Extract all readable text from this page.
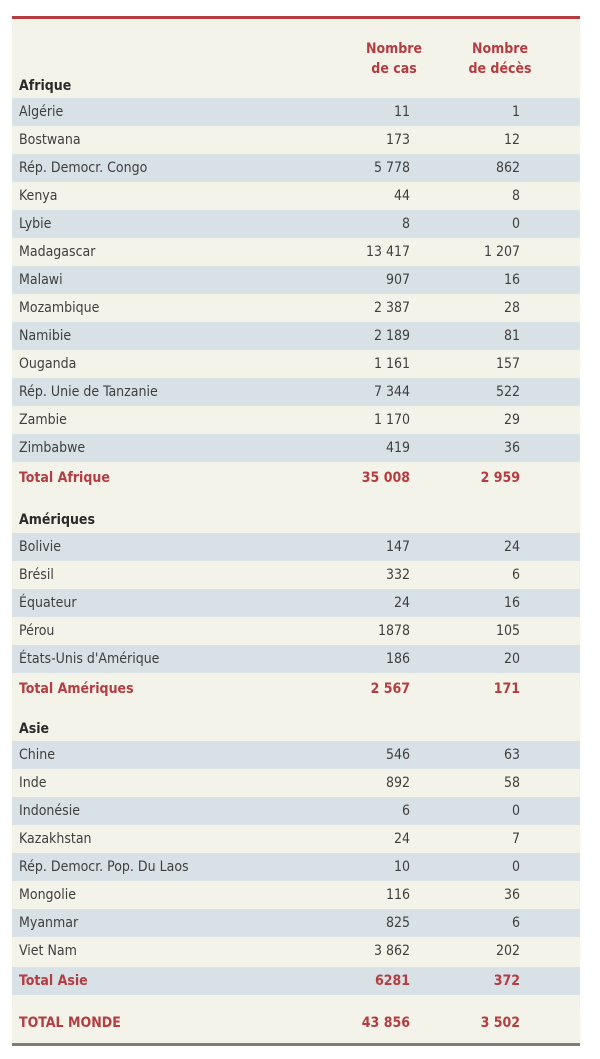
Nombre
de cas
Nombre
de décès
Afrique
Algérie	11	1
Bostwana	173	12
Rép. Democr. Congo	5 778	862
Kenya	44	8
Lybie	8	0
Madagascar	13 417	1 207
Malawi	907	16
Mozambique	2 387	28
Namibie	2 189	81
Ouganda	1 161	157
Rép. Unie de Tanzanie	7 344	522
Zambie	1 170	29
Zimbabwe	419	36
Total Afrique	35 008	2 959
Amériques
Bolivie	147	24
Brésil	332	6
Équateur	24	16
Pérou	1878	105
États-Unis d'Amérique	186	20
Total Amériques	2 567	171
Asie
Chine	546	63
Inde	892	58
Indonésie	6	0
Kazakhstan	24	7
Rép. Democr. Pop. Du Laos	10	0
Mongolie	116	36
Myanmar	825	6
Viet Nam	3 862	202
Total Asie	6281	372
TOTAL MONDE	43 856	3 502
